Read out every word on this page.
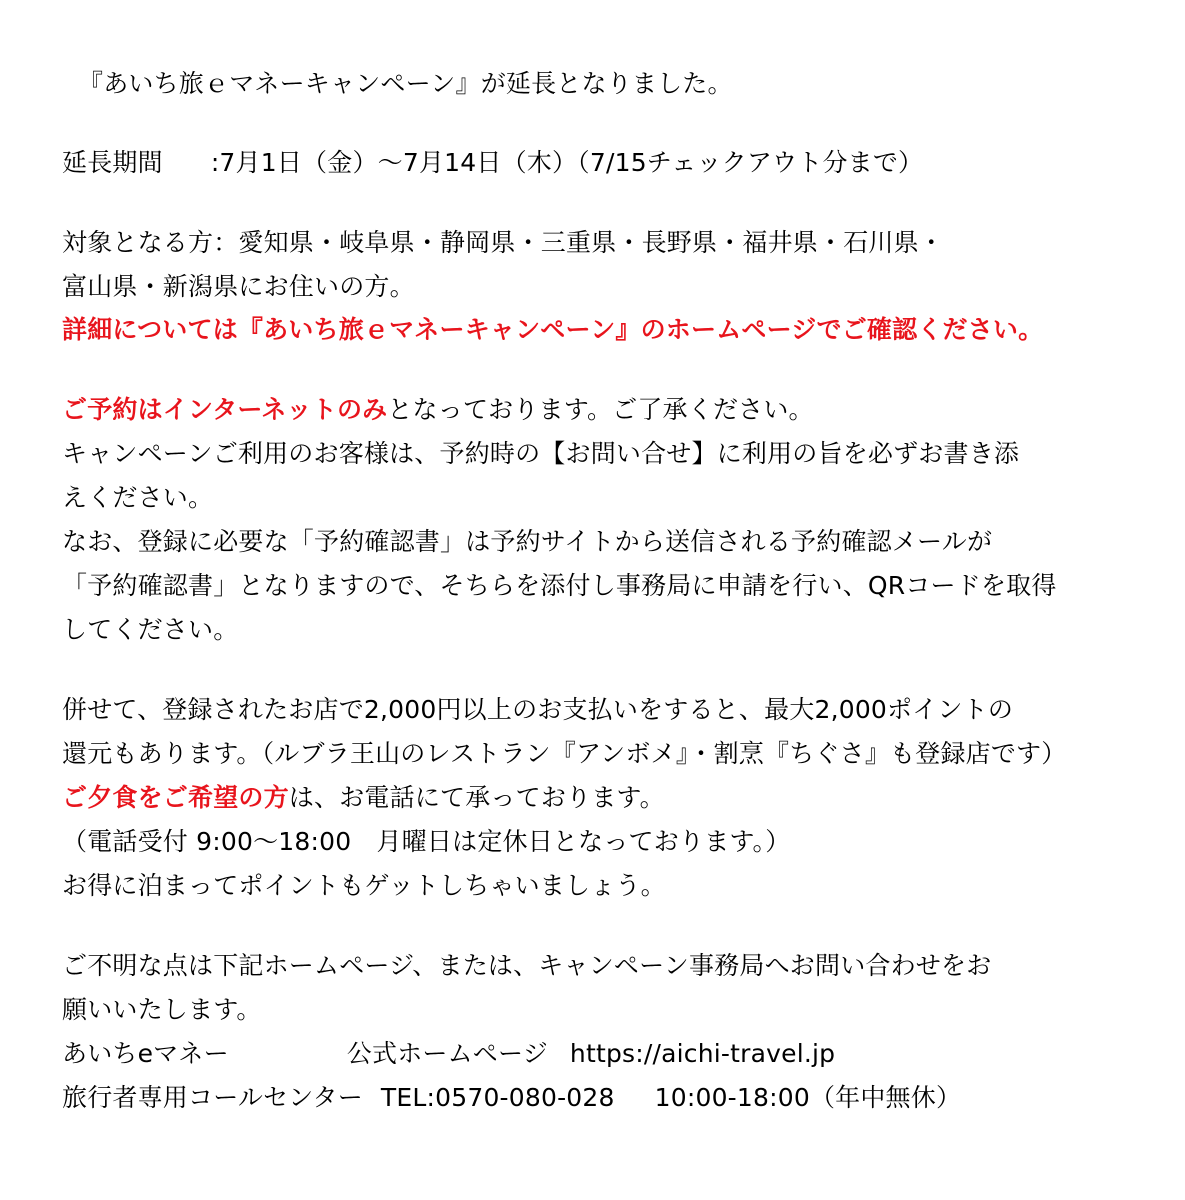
『あいち旅ｅマネーキャンペーン』が延長となりました。
延長期間 :7月1日（金）～7月14日（木）（7/15チェックアウト分まで）
対象となる方：愛知県・岐阜県・静岡県・三重県・長野県・福井県・石川県・
富山県・新潟県にお住いの方。
詳細については『あいち旅ｅマネーキャンペーン』のホームページでご確認ください。
ご予約はインターネットのみとなっております。ご了承ください。
キャンペーンご利用のお客様は、予約時の【お問い合せ】に利用の旨を必ずお書き添
えください。
なお、登録に必要な「予約確認書」は予約サイトから送信される予約確認メールが
「予約確認書」となりますので、そちらを添付し事務局に申請を行い、QRコードを取得
してください。
併せて、登録されたお店で2,000円以上のお支払いをすると、最大2,000ポイントの
還元もあります。（ルブラ王山のレストラン『アンボメ』・割烹『ちぐさ』も登録店です）
ご夕食をご希望の方は、お電話にて承っております。
（電話受付 9:00～18:00　月曜日は定休日となっております。）
お得に泊まってポイントもゲットしちゃいましょう。
ご不明な点は下記ホームページ、または、キャンペーン事務局へお問い合わせをお
願いいたします。
あいちeマネー	公式ホームページ https://aichi-travel.jp
旅行者専用コールセンター TEL:0570-080-028 10:00-18:00（年中無休）
